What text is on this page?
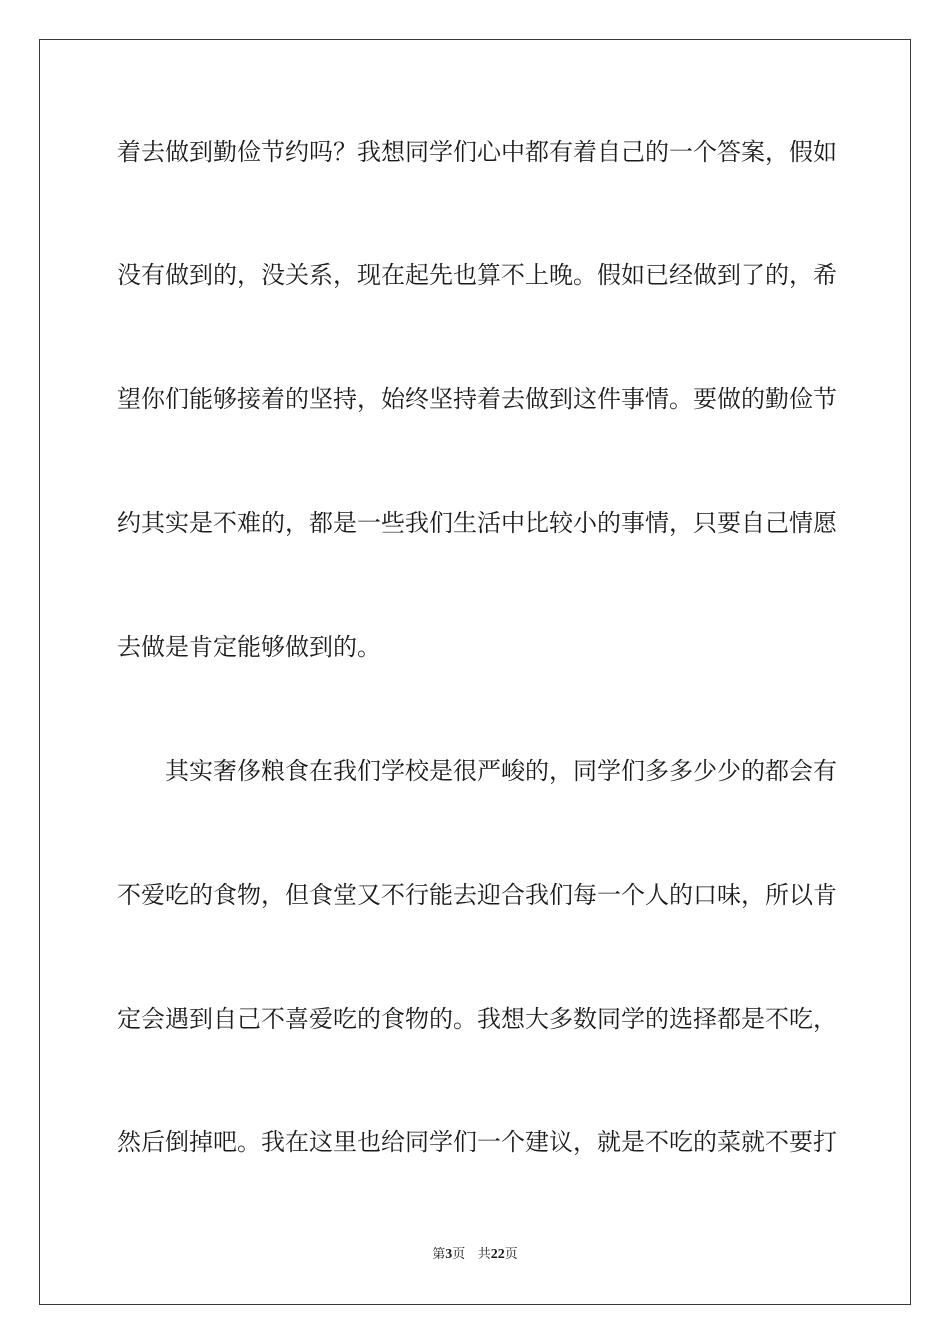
着去做到勤俭节约吗？我想同学们心中都有着自己的一个答案，假如
没有做到的，没关系，现在起先也算不上晚。假如已经做到了的，希
望你们能够接着的坚持，始终坚持着去做到这件事情。要做的勤俭节
约其实是不难的，都是一些我们生活中比较小的事情，只要自己情愿
去做是肯定能够做到的。
其实奢侈粮食在我们学校是很严峻的，同学们多多少少的都会有
不爱吃的食物，但食堂又不行能去迎合我们每一个人的口味，所以肯
定会遇到自己不喜爱吃的食物的。我想大多数同学的选择都是不吃，
然后倒掉吧。我在这里也给同学们一个建议，就是不吃的菜就不要打
第3页 共22页
